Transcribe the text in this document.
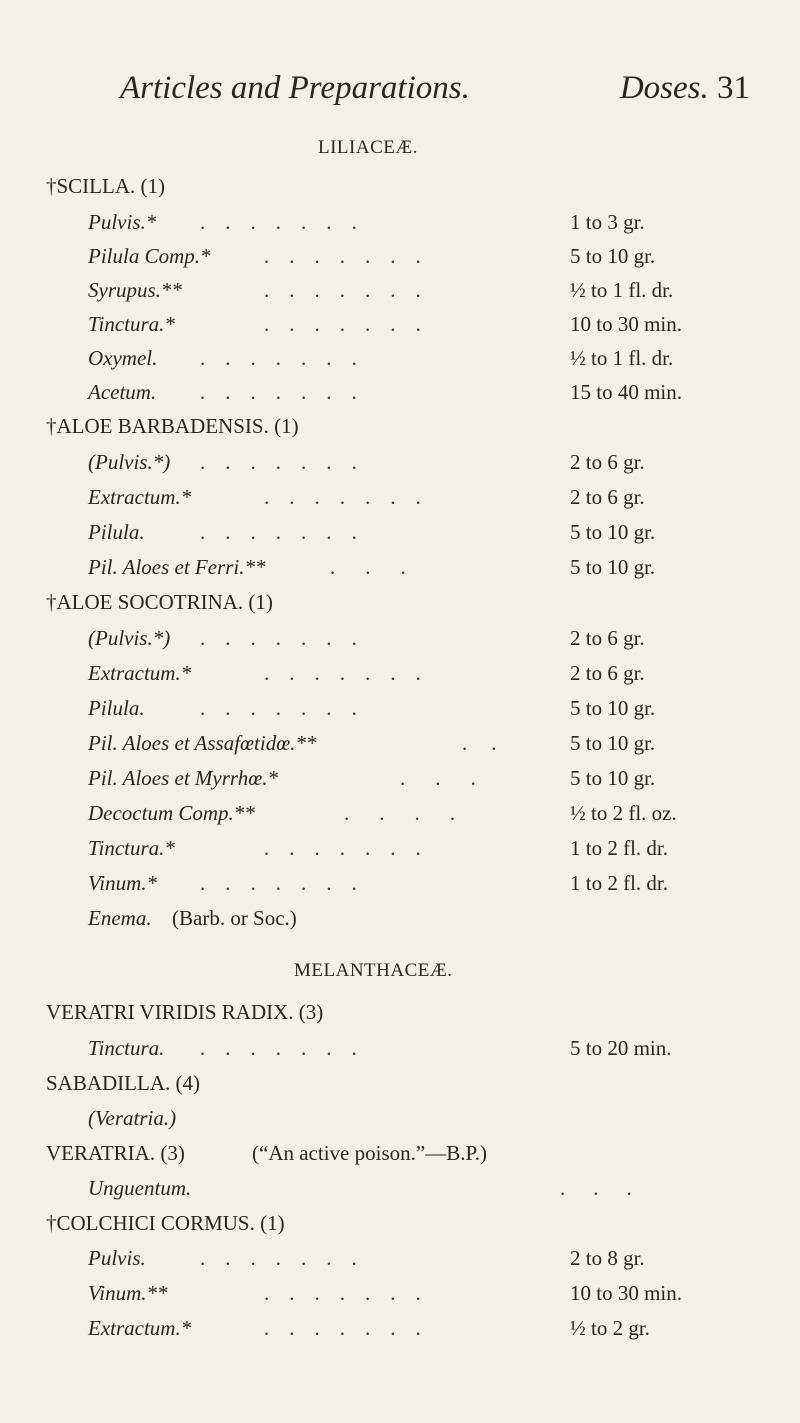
Articles and Preparations.	Doses. 31
LILIACEÆ.
†SCILLA. (1)
Pulvis.* .......	1 to 3 gr.
Pilula Comp.*	.......	5 to 10 gr.
Syrupus.**	.......	½ to 1 fl. dr.
Tinctura.*	.......	10 to 30 min.
Oxymel. .......	½ to 1 fl. dr.
Acetum. .......	15 to 40 min.
†ALOE BARBADENSIS. (1)
(Pulvis.*) .......	2 to 6 gr.
Extractum.*	.......	2 to 6 gr.
Pilula.	.......	5 to 10 gr.
Pil. Aloes et Ferri.**	...	5 to 10 gr.
†ALOE SOCOTRINA. (1)
(Pulvis.*) .......	2 to 6 gr.
Extractum.*	.......	2 to 6 gr.
Pilula.	.......	5 to 10 gr.
Pil. Aloes et Assafœtidœ.**	.. 5 to 10 gr.
Pil. Aloes et Myrrhœ.*	...	5 to 10 gr.
Decoctum Comp.**	....	½ to 2 fl. oz.
Tinctura.*	.......	1 to 2 fl. dr.
Vinum.* .......	1 to 2 fl. dr.
Enema. (Barb. or Soc.)
MELANTHACEÆ.
VERATRI VIRIDIS RADIX. (3)
Tinctura. .......	5 to 20 min.
SABADILLA. (4)
(Veratria.)
VERATRIA. (3)	(“An active poison.”—B.P.)
Unguentum.	...
†COLCHICI CORMUS. (1)
Pulvis.	.......	2 to 8 gr.
Vinum.**	.......	10 to 30 min.
Extractum.*	.......	½ to 2 gr.
